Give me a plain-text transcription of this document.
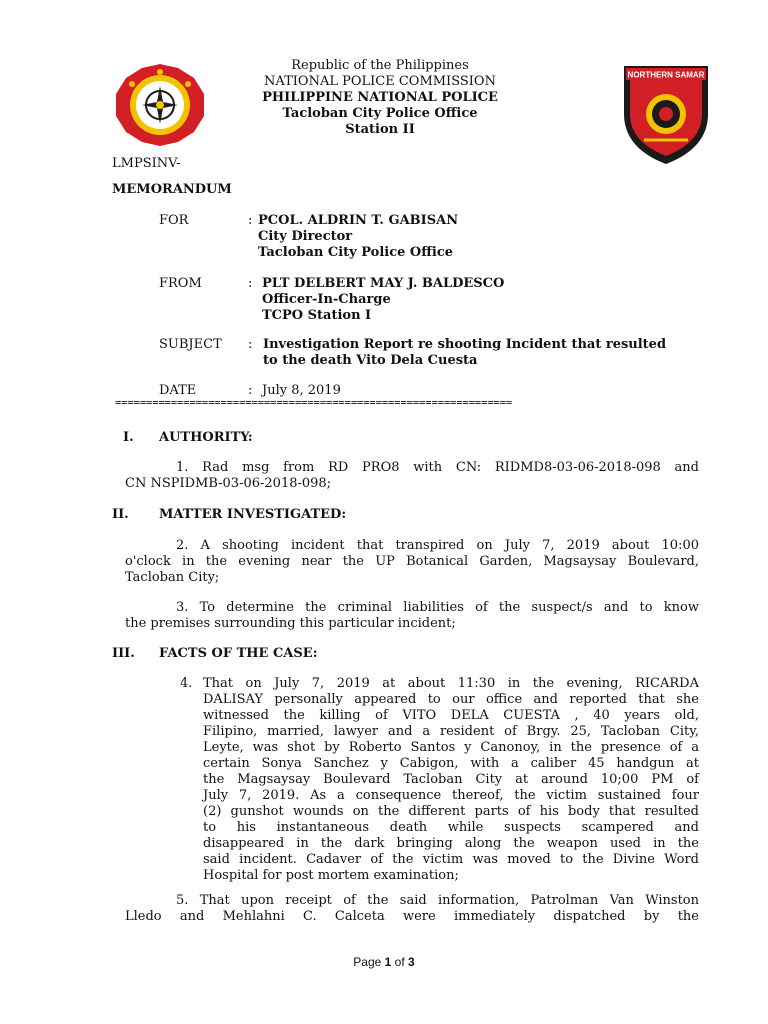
NORTHERN SAMAR
Republic of the Philippines
NATIONAL POLICE COMMISSION
PHILIPPINE NATIONAL POLICE
Tacloban City Police Office
Station II
LMPSINV-
MEMORANDUM
FOR	: PCOL. ALDRIN T. GABISAN
City Director
Tacloban City Police Office
FROM	: PLT DELBERT MAY J. BALDESCO
Officer-In-Charge
TCPO Station I
SUBJECT : Investigation Report re shooting Incident that resulted
to the death Vito Dela Cuesta
DATE	: July 8, 2019
================================================================
I. AUTHORITY:
1. Rad msg from RD PRO8 with CN: RIDMD8-03-06-2018-098 and
CN NSPIDMB-03-06-2018-098;
II. MATTER INVESTIGATED:
2. A shooting incident that transpired on July 7, 2019 about 10:00
o'clock in the evening near the UP Botanical Garden, Magsaysay Boulevard,
Tacloban City;
3. To determine the criminal liabilities of the suspect/s and to know
the premises surrounding this particular incident;
III. FACTS OF THE CASE:
4. That on July 7, 2019 at about 11:30 in the evening, RICARDA
DALISAY personally appeared to our office and reported that she
witnessed the killing of VITO DELA CUESTA , 40 years old,
Filipino, married, lawyer and a resident of Brgy. 25, Tacloban City,
Leyte, was shot by Roberto Santos y Canonoy, in the presence of a
certain Sonya Sanchez y Cabigon, with a caliber 45 handgun at
the Magsaysay Boulevard Tacloban City at around 10;00 PM of
July 7, 2019. As a consequence thereof, the victim sustained four
(2) gunshot wounds on the different parts of his body that resulted
to his instantaneous death while suspects scampered and
disappeared in the dark bringing along the weapon used in the
said incident. Cadaver of the victim was moved to the Divine Word
Hospital for post mortem examination;
5. That upon receipt of the said information, Patrolman Van Winston
Lledo and Mehlahni C. Calceta were immediately dispatched by the
Page 1 of 3
